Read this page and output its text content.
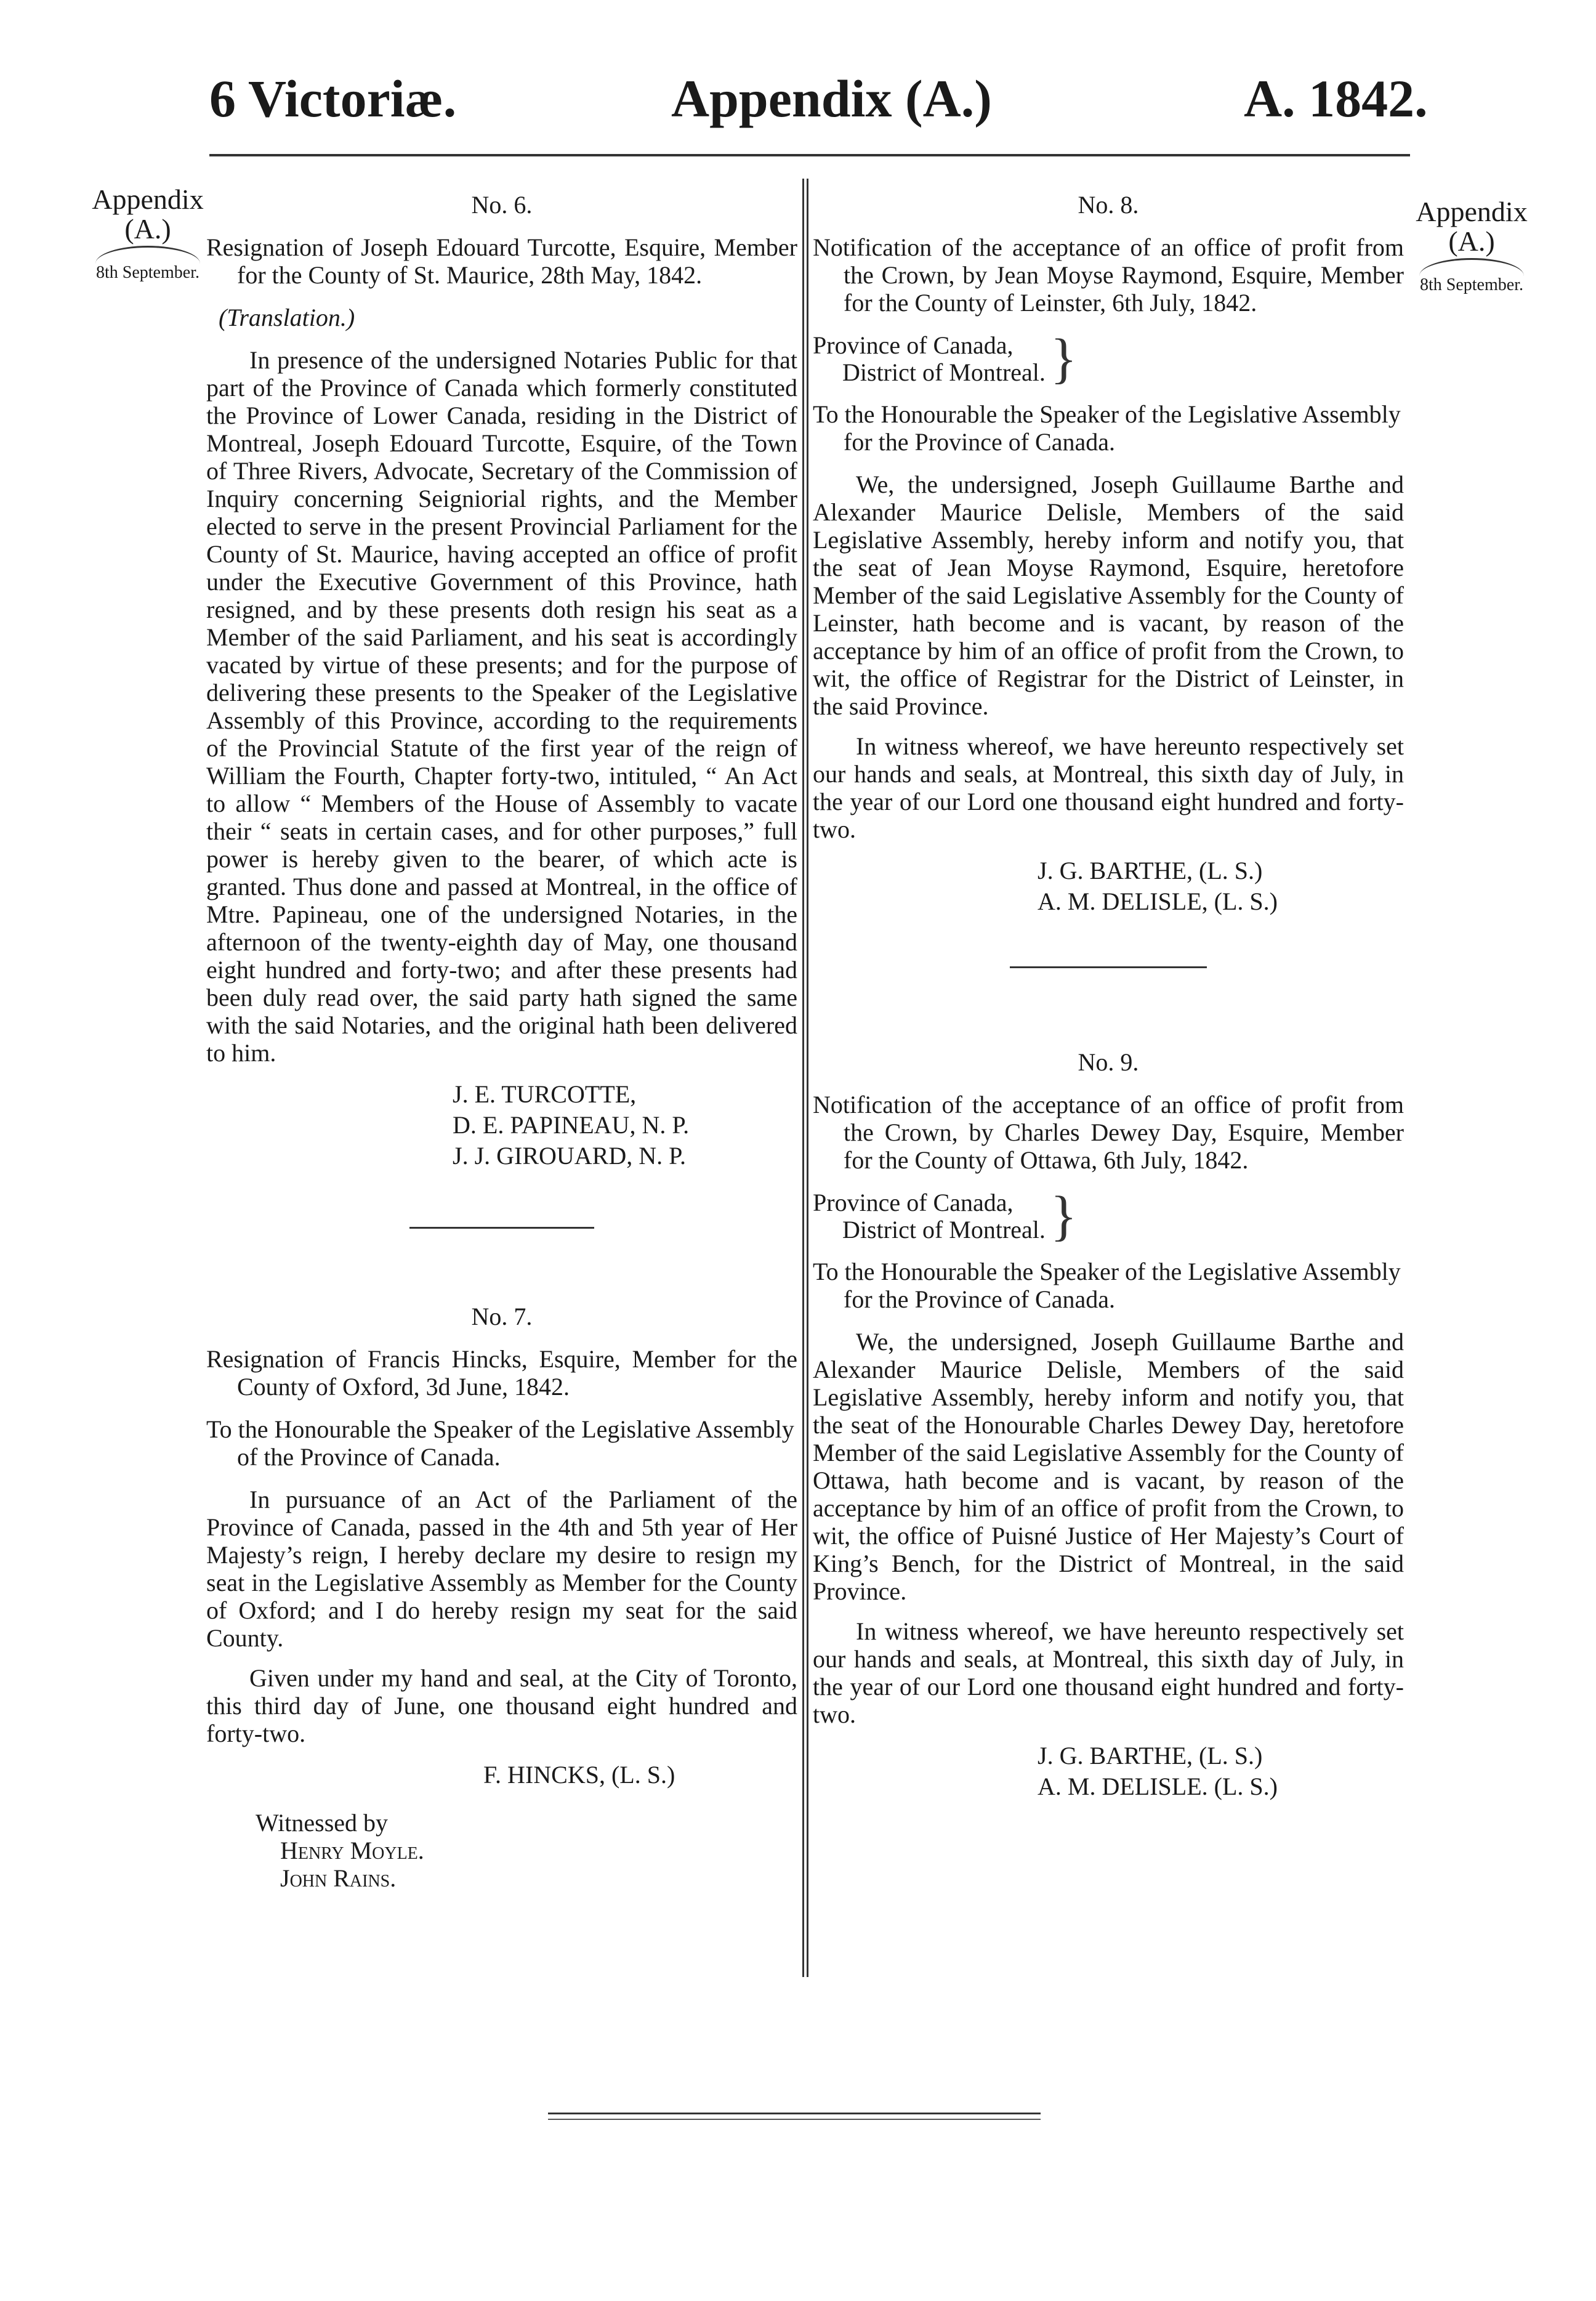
6 Victoriæ.	Appendix (A.)	A. 1842.
Appendix
(A.)
8th September.
Appendix
(A.)
8th September.
No. 6.
Resignation of Joseph Edouard Turcotte, Esquire, Member for the County of St. Maurice, 28th May, 1842.
(Translation.)

In presence of the undersigned Notaries Public for that part of the Province of Canada which formerly constituted the Province of Lower Canada, residing in the District of Montreal, Joseph Edouard Turcotte, Esquire, of the Town of Three Rivers, Advocate, Secretary of the Commission of Inquiry concerning Seigniorial rights, and the Member elected to serve in the present Provincial Parliament for the County of St. Maurice, having accepted an office of profit under the Executive Government of this Province, hath resigned, and by these presents doth resign his seat as a Member of the said Parliament, and his seat is accordingly vacated by virtue of these presents; and for the purpose of delivering these presents to the Speaker of the Legislative Assembly of this Province, according to the requirements of the Provincial Statute of the first year of the reign of William the Fourth, Chapter forty-two, intituled, “ An Act to allow “ Members of the House of Assembly to vacate their “ seats in certain cases, and for other purposes,” full power is hereby given to the bearer, of which acte is granted. Thus done and passed at Montreal, in the office of Mtre. Papineau, one of the undersigned Notaries, in the afternoon of the twenty-eighth day of May, one thousand eight hundred and forty-two; and after these presents had been duly read over, the said party hath signed the same with the said Notaries, and the original hath been delivered to him.

J. E. TURCOTTE,
D. E. PAPINEAU, N. P.
J. J. GIROUARD, N. P.
No. 7.
Resignation of Francis Hincks, Esquire, Member for the County of Oxford, 3d June, 1842.
To the Honourable the Speaker of the Legislative Assembly of the Province of Canada.

In pursuance of an Act of the Parliament of the Province of Canada, passed in the 4th and 5th year of Her Majesty’s reign, I hereby declare my desire to resign my seat in the Legislative Assembly as Member for the County of Oxford; and I do hereby resign my seat for the said County.

Given under my hand and seal, at the City of Toronto, this third day of June, one thousand eight hundred and forty-two.

F. HINCKS, (L. S.)
Witnessed by
Henry Moyle.
John Rains.
No. 8.
Notification of the acceptance of an office of profit from the Crown, by Jean Moyse Raymond, Esquire, Member for the County of Leinster, 6th July, 1842.
Province of Canada,
District of Montreal. }
To the Honourable the Speaker of the Legislative Assembly for the Province of Canada.

We, the undersigned, Joseph Guillaume Barthe and Alexander Maurice Delisle, Members of the said Legislative Assembly, hereby inform and notify you, that the seat of Jean Moyse Raymond, Esquire, heretofore Member of the said Legislative Assembly for the County of Leinster, hath become and is vacant, by reason of the acceptance by him of an office of profit from the Crown, to wit, the office of Registrar for the District of Leinster, in the said Province.

In witness whereof, we have hereunto respectively set our hands and seals, at Montreal, this sixth day of July, in the year of our Lord one thousand eight hundred and forty-two.

J. G. BARTHE, (L. S.)
A. M. DELISLE, (L. S.)
No. 9.
Notification of the acceptance of an office of profit from the Crown, by Charles Dewey Day, Esquire, Member for the County of Ottawa, 6th July, 1842.
Province of Canada,
District of Montreal. }
To the Honourable the Speaker of the Legislative Assembly for the Province of Canada.

We, the undersigned, Joseph Guillaume Barthe and Alexander Maurice Delisle, Members of the said Legislative Assembly, hereby inform and notify you, that the seat of the Honourable Charles Dewey Day, heretofore Member of the said Legislative Assembly for the County of Ottawa, hath become and is vacant, by reason of the acceptance by him of an office of profit from the Crown, to wit, the office of Puisné Justice of Her Majesty’s Court of King’s Bench, for the District of Montreal, in the said Province.

In witness whereof, we have hereunto respectively set our hands and seals, at Montreal, this sixth day of July, in the year of our Lord one thousand eight hundred and forty-two.

J. G. BARTHE, (L. S.)
A. M. DELISLE. (L. S.)
